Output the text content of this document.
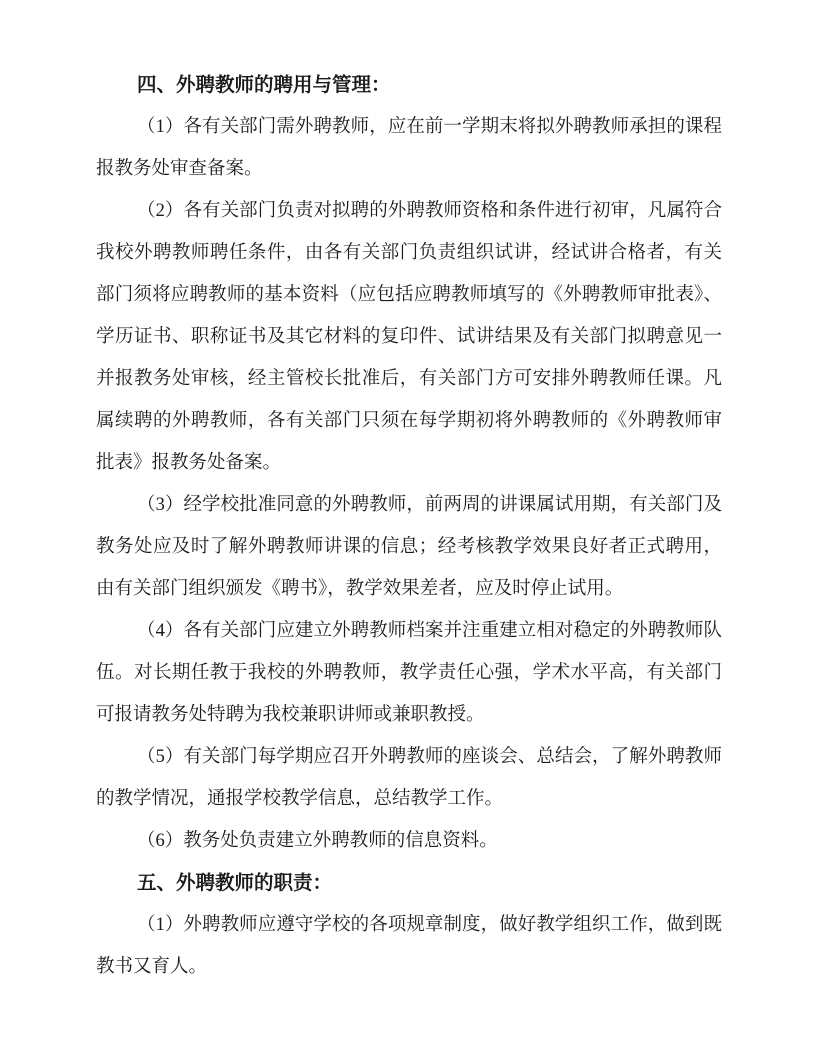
四、外聘教师的聘用与管理：
（1）各有关部门需外聘教师，应在前一学期末将拟外聘教师承担的课程
报教务处审查备案。
（2）各有关部门负责对拟聘的外聘教师资格和条件进行初审，凡属符合
我校外聘教师聘任条件，由各有关部门负责组织试讲，经试讲合格者，有关
部门须将应聘教师的基本资料（应包括应聘教师填写的《外聘教师审批表》、
学历证书、职称证书及其它材料的复印件、试讲结果及有关部门拟聘意见一
并报教务处审核，经主管校长批准后，有关部门方可安排外聘教师任课。凡
属续聘的外聘教师，各有关部门只须在每学期初将外聘教师的《外聘教师审
批表》报教务处备案。
（3）经学校批准同意的外聘教师，前两周的讲课属试用期，有关部门及
教务处应及时了解外聘教师讲课的信息；经考核教学效果良好者正式聘用，
由有关部门组织颁发《聘书》，教学效果差者，应及时停止试用。
（4）各有关部门应建立外聘教师档案并注重建立相对稳定的外聘教师队
伍。对长期任教于我校的外聘教师，教学责任心强，学术水平高，有关部门
可报请教务处特聘为我校兼职讲师或兼职教授。
（5）有关部门每学期应召开外聘教师的座谈会、总结会，了解外聘教师
的教学情况，通报学校教学信息，总结教学工作。
（6）教务处负责建立外聘教师的信息资料。
五、外聘教师的职责：
（1）外聘教师应遵守学校的各项规章制度，做好教学组织工作，做到既
教书又育人。
